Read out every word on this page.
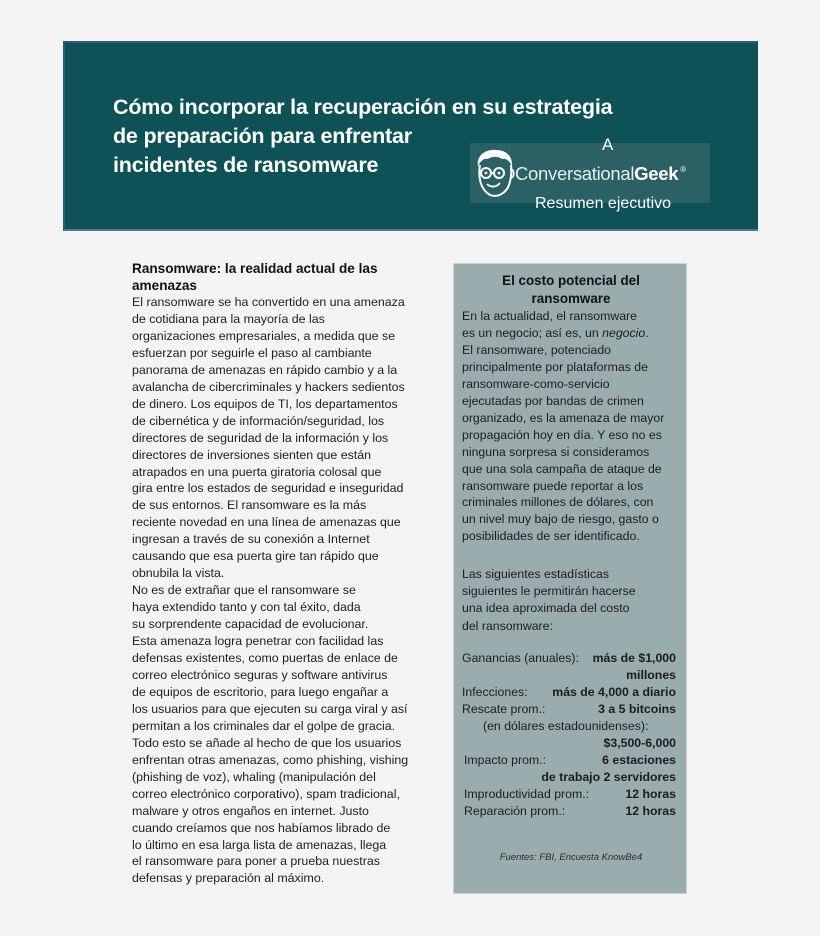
Cómo incorporar la recuperación en su estrategia
de preparación para enfrentar
incidentes de ransomware
A
ConversationalGeek ®
Resumen ejecutivo
Ransomware: la realidad actual de las
amenazas

El ransomware se ha convertido en una amenaza
de cotidiana para la mayoría de las
organizaciones empresariales, a medida que se
esfuerzan por seguirle el paso al cambiante
panorama de amenazas en rápido cambio y a la
avalancha de cibercriminales y hackers sedientos
de dinero. Los equipos de TI, los departamentos
de cibernética y de información/seguridad, los
directores de seguridad de la información y los
directores de inversiones sienten que están
atrapados en una puerta giratoria colosal que
gira entre los estados de seguridad e inseguridad
de sus entornos. El ransomware es la más
reciente novedad en una línea de amenazas que
ingresan a través de su conexión a Internet
causando que esa puerta gire tan rápido que
obnubila la vista.
No es de extrañar que el ransomware se
haya extendido tanto y con tal éxito, dada
su sorprendente capacidad de evolucionar.
Esta amenaza logra penetrar con facilidad las
defensas existentes, como puertas de enlace de
correo electrónico seguras y software antivirus
de equipos de escritorio, para luego engañar a
los usuarios para que ejecuten su carga viral y así
permitan a los criminales dar el golpe de gracia.
Todo esto se añade al hecho de que los usuarios
enfrentan otras amenazas, como phishing, vishing
(phishing de voz), whaling (manipulación del
correo electrónico corporativo), spam tradicional,
malware y otros engaños en internet. Justo
cuando creíamos que nos habíamos librado de
lo último en esa larga lista de amenazas, llega
el ransomware para poner a prueba nuestras
defensas y preparación al máximo.

El costo potencial del
ransomware
En la actualidad, el ransomware
es un negocio; así es, un negocio.
El ransomware, potenciado
principalmente por plataformas de
ransomware-como-servicio
ejecutadas por bandas de crimen
organizado, es la amenaza de mayor
propagación hoy en día. Y eso no es
ninguna sorpresa si consideramos
que una sola campaña de ataque de
ransomware puede reportar a los
criminales millones de dólares, con
un nivel muy bajo de riesgo, gasto o
posibilidades de ser identificado.
Las siguientes estadísticas
siguientes le permitirán hacerse
una idea aproximada del costo
del ransomware:
Ganancias (anuales): más de $1,000
millones
Infecciones: más de 4,000 a diario
Rescate prom.:	3 a 5 bitcoins
(en dólares estadounidenses):
$3,500-6,000
Impacto prom.:	6 estaciones
de trabajo 2 servidores
Improductividad prom.:	12 horas
Reparación prom.:	12 horas
Fuentes: FBI, Encuesta KnowBe4
